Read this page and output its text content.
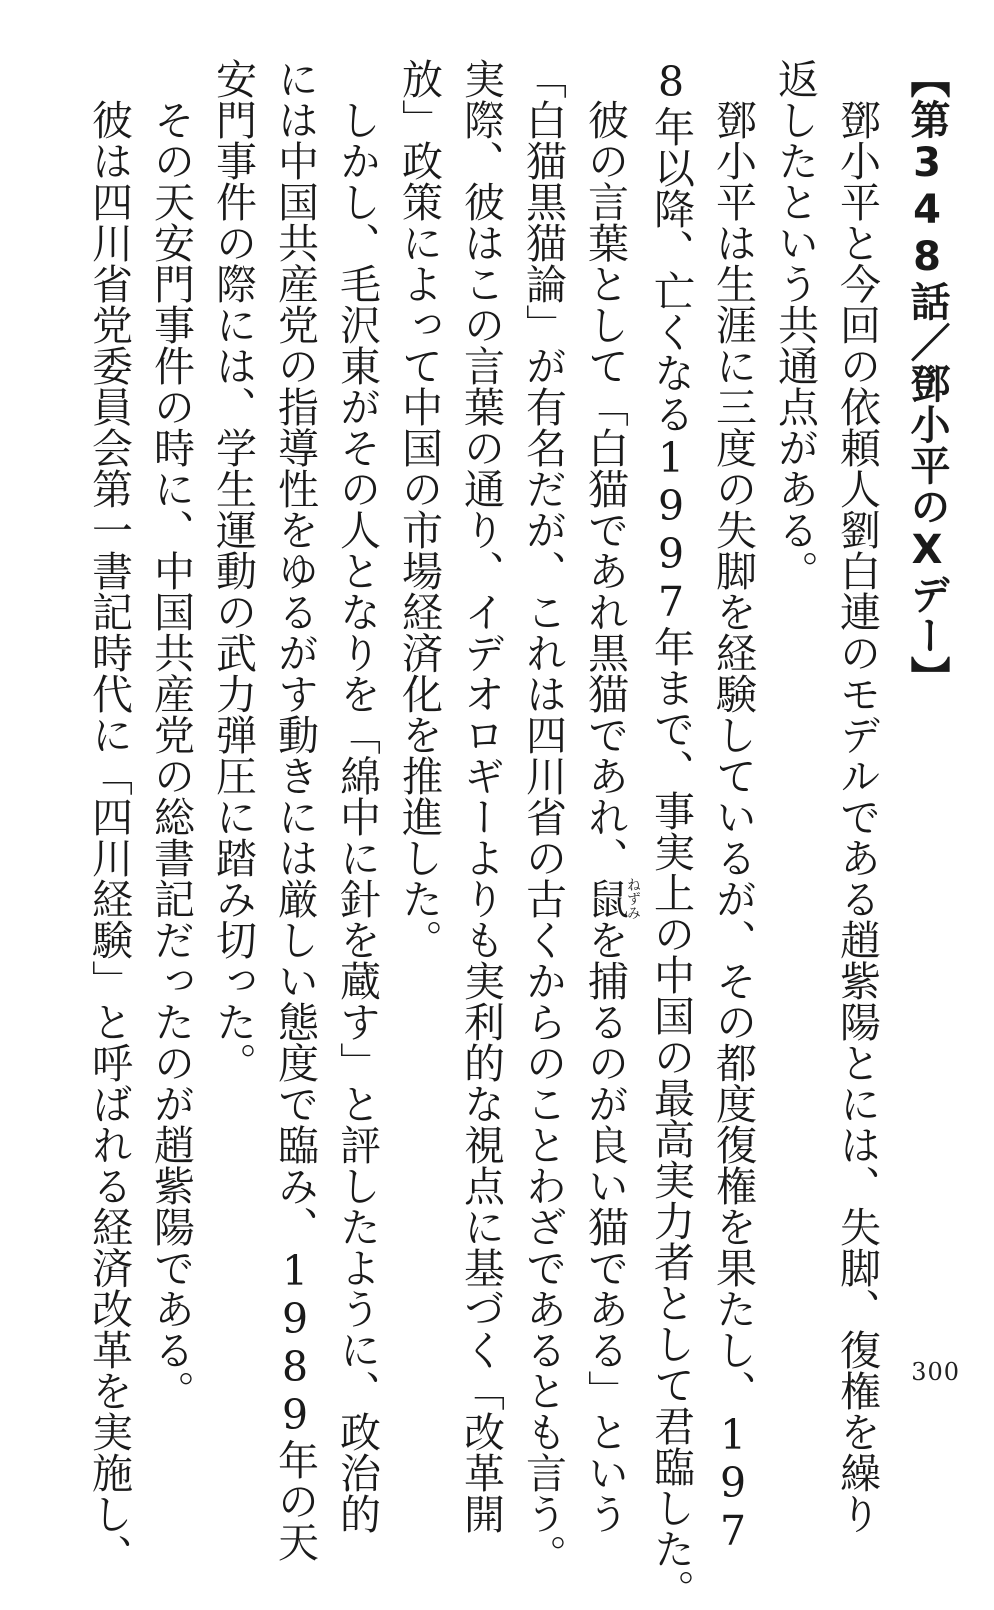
【第348話／鄧小平のXデー】
　鄧小平と今回の依頼人劉白連のモデルである趙紫陽とには、失脚、復権を繰り
返したという共通点がある。
　鄧小平は生涯に三度の失脚を経験しているが、その都度復権を果たし、197
8年以降、亡くなる1997年まで、事実上の中国の最高実力者として君臨した。
　彼の言葉として「白猫であれ黒猫であれ、鼠ねずみを捕るのが良い猫である」という
「白猫黒猫論」が有名だが、これは四川省の古くからのことわざであるとも言う。
実際、彼はこの言葉の通り、イデオロギーよりも実利的な視点に基づく「改革開
放」政策によって中国の市場経済化を推進した。
　しかし、毛沢東がその人となりを「綿中に針を蔵す」と評したように、政治的
には中国共産党の指導性をゆるがす動きには厳しい態度で臨み、1989年の天
安門事件の際には、学生運動の武力弾圧に踏み切った。
　その天安門事件の時に、中国共産党の総書記だったのが趙紫陽である。
　彼は四川省党委員会第一書記時代に「四川経験」と呼ばれる経済改革を実施し、	300
